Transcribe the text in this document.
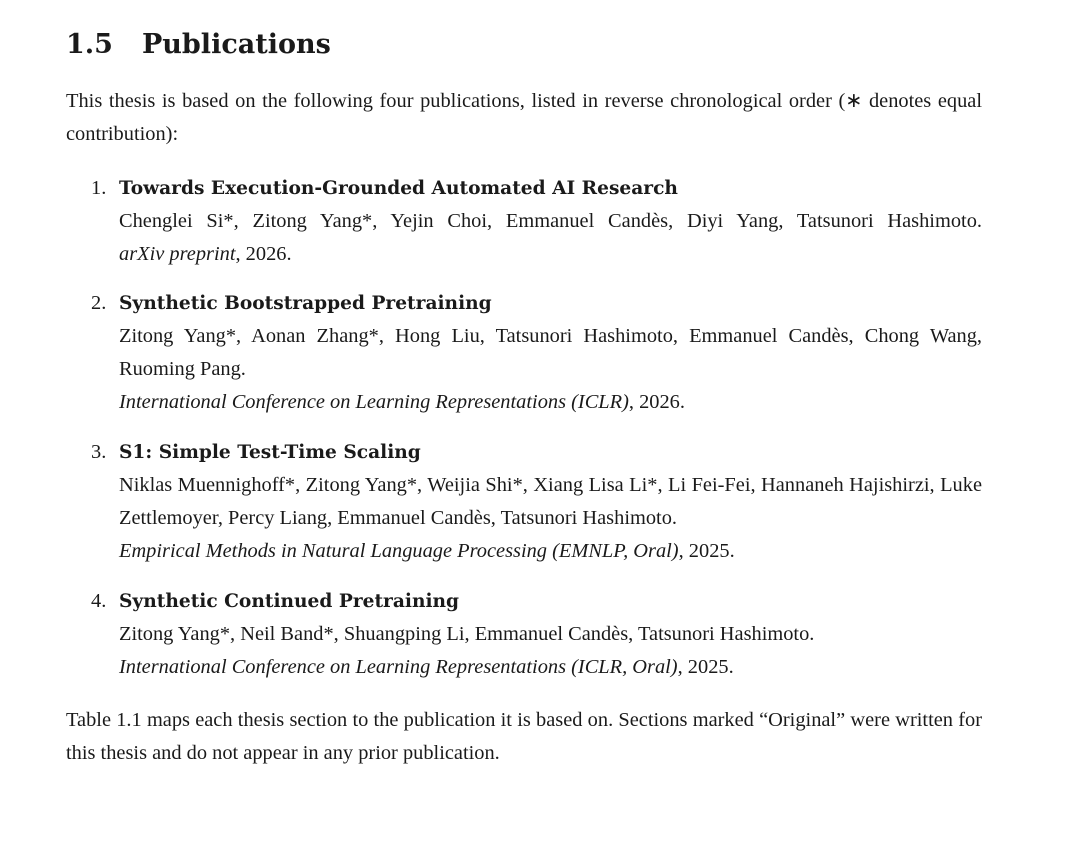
1.5 Publications

This thesis is based on the following four publications, listed in reverse chronological order (∗ denotes equal contribution):

1. Towards Execution-Grounded Automated AI Research
Chenglei Si*, Zitong Yang*, Yejin Choi, Emmanuel Candès, Diyi Yang, Tatsunori Hashimoto.
arXiv preprint, 2026.
2. Synthetic Bootstrapped Pretraining
Zitong Yang*, Aonan Zhang*, Hong Liu, Tatsunori Hashimoto, Emmanuel Candès, Chong Wang, Ruoming Pang.
International Conference on Learning Representations (ICLR), 2026.
3. S1: Simple Test-Time Scaling
Niklas Muennighoff*, Zitong Yang*, Weijia Shi*, Xiang Lisa Li*, Li Fei-Fei, Hannaneh Hajishirzi, Luke Zettlemoyer, Percy Liang, Emmanuel Candès, Tatsunori Hashimoto.
Empirical Methods in Natural Language Processing (EMNLP, Oral), 2025.
4. Synthetic Continued Pretraining
Zitong Yang*, Neil Band*, Shuangping Li, Emmanuel Candès, Tatsunori Hashimoto.
International Conference on Learning Representations (ICLR, Oral), 2025.

Table 1.1 maps each thesis section to the publication it is based on. Sections marked “Original” were written for this thesis and do not appear in any prior publication.
